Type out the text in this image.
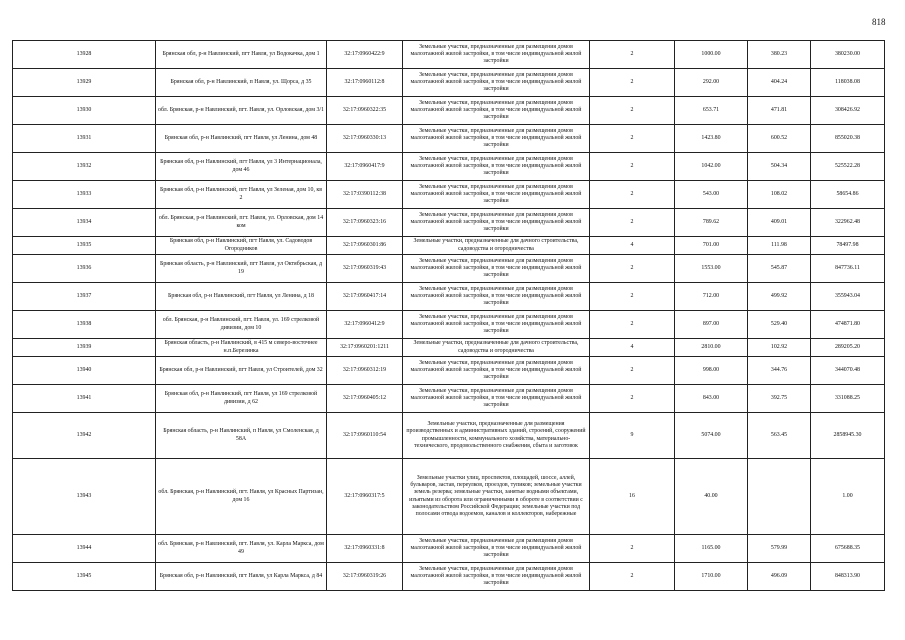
818
13928	Брянская обл, р-н Навлинский, пгт Навля, ул Водокачка, дом 1	32:17:0960422:9	Земельные участки, предназначенные для размещения домов малоэтажной жилой застройки, в том числе индивидуальной жилой застройки	2	1000.00	380.23	380230.00
13929	Брянская обл, р-н Навлинский, п Навля, ул. Щорса, д 35	32:17:0960112:8	Земельные участки, предназначенные для размещения домов малоэтажной жилой застройки, в том числе индивидуальной жилой застройки	2	292.00	404.24	118038.08
13930	обл. Брянская, р-н Навлинский, пгт. Навля, ул. Орловская, дом 3/1	32:17:0960322:35	Земельные участки, предназначенные для размещения домов малоэтажной жилой застройки, в том числе индивидуальной жилой застройки	2	653.71	471.81	308426.92
13931	Брянская обл, р-н Навлинский, пгт Навля, ул Ленина, дом 48	32:17:0960330:13	Земельные участки, предназначенные для размещения домов малоэтажной жилой застройки, в том числе индивидуальной жилой застройки	2	1423.80	600.52	855020.38
13932	Брянская обл, р-н Навлинский, пгт Навля, ул 3 Интернационала, дом 46	32:17:0960417:9	Земельные участки, предназначенные для размещения домов малоэтажной жилой застройки, в том числе индивидуальной жилой застройки	2	1042.00	504.34	525522.28
13933	Брянская обл, р-н Навлинский, пгт Навля, ул Зеленая, дом 10, кв 2	32:17:0390112:38	Земельные участки, предназначенные для размещения домов малоэтажной жилой застройки, в том числе индивидуальной жилой застройки	2	543.00	108.02	58654.86
13934	обл. Брянская, р-н Навлинский, пгт. Навля, ул. Орловская, дом 14 ком	32:17:0960323:16	Земельные участки, предназначенные для размещения домов малоэтажной жилой застройки, в том числе индивидуальной жилой застройки	2	789.62	409.01	322962.48
13935	Брянская обл, р-н Навлинский, пгт Навля, ул. Садоводов Огородников	32:17:0960301:86	Земельные участки, предназначенные для дачного строительства, садоводства и огородничества	4	701.00	111.98	78497.98
13936	Брянская область, р-н Навлинский, пгт Навля, ул Октябрьская, д 19	32:17:0960319:43	Земельные участки, предназначенные для размещения домов малоэтажной жилой застройки, в том числе индивидуальной жилой застройки	2	1553.00	545.87	847736.11
13937	Брянская обл, р-н Навлинский, пгт Навля, ул Ленина, д 18	32:17:0960417:14	Земельные участки, предназначенные для размещения домов малоэтажной жилой застройки, в том числе индивидуальной жилой застройки	2	712.00	499.92	355943.04
13938	обл. Брянская, р-н Навлинский, пгт. Навля, ул. 169 стрелковой дивизии, дом 10	32:17:0960412:9	Земельные участки, предназначенные для размещения домов малоэтажной жилой застройки, в том числе индивидуальной жилой застройки	2	897.00	529.40	474871.80
13939	Брянская область, р-н Навлинский, в 415 м северо-восточнее н.п.Березинка	32:17:0960201:1211	Земельные участки, предназначенные для дачного строительства, садоводства и огородничества	4	2810.00	102.92	289205.20
13940	Брянская обл, р-н Навлинский, пгт Навля, ул Строителей, дом 32	32:17:0960312:19	Земельные участки, предназначенные для размещения домов малоэтажной жилой застройки, в том числе индивидуальной жилой застройки	2	998.00	344.76	344070.48
13941	Брянская обл, р-н Навлинский, пгт Навля, ул 169 стрелковой дивизии, д 62	32:17:0960405:12	Земельные участки, предназначенные для размещения домов малоэтажной жилой застройки, в том числе индивидуальной жилой застройки	2	843.00	392.75	331088.25
13942	Брянская область, р-н Навлинский, п Навля, ул Смоленская, д 58А	32:17:0960110:54	Земельные участки, предназначенные для размещения производственных и административных зданий, строений, сооружений промышленности, коммунального хозяйства, материально-технического, продовольственного снабжения, сбыта и заготовок	9	5074.00	563.45	2858945.30
13943	обл. Брянская, р-н Навлинский, пгт. Навля, ул Красных Партизан, дом 16	32:17:0960317:5	Земельные участки улиц, проспектов, площадей, шоссе, аллей, бульваров, застав, переулков, проездов, тупиков; земельные участки земель резерва; земельные участки, занятые водными объектами, изъятыми из оборота или ограниченными в обороте в соответствии с законодательством Российской Федерации; земельные участки под полосами отвода водоемов, каналов и коллекторов, набережные	16	40.00		1.00
13944	обл. Брянская, р-н Навлинский, пгт. Навля, ул. Карла Маркса, дом 49	32:17:0960331:8	Земельные участки, предназначенные для размещения домов малоэтажной жилой застройки, в том числе индивидуальной жилой застройки	2	1165.00	579.99	675688.35
13945	Брянская обл, р-н Навлинский, пгт Навля, ул Карла Маркса, д 84	32:17:0960319:26	Земельные участки, предназначенные для размещения домов малоэтажной жилой застройки, в том числе индивидуальной жилой застройки	2	1710.00	496.09	848313.90
